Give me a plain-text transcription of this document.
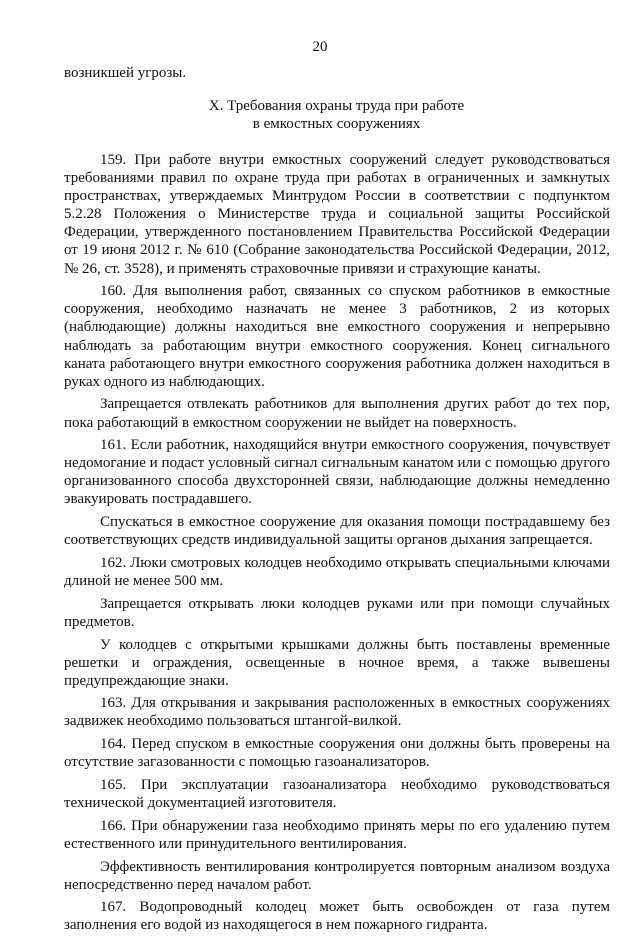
20
возникшей угрозы.
X. Требования охраны труда при работе
в емкостных сооружениях

159. При работе внутри емкостных сооружений следует руководствоваться требованиями правил по охране труда при работах в ограниченных и замкнутых пространствах, утверждаемых Минтрудом России в соответствии с подпунктом 5.2.28 Положения о Министерстве труда и социальной защиты Российской Федерации, утвержденного постановлением Правительства Российской Федерации от 19 июня 2012 г. № 610 (Собрание законодательства Российской Федерации, 2012, № 26, ст. 3528), и применять страховочные привязи и страхующие канаты.

160. Для выполнения работ, связанных со спуском работников в емкостные сооружения, необходимо назначать не менее 3 работников, 2 из которых (наблюдающие) должны находиться вне емкостного сооружения и непрерывно наблюдать за работающим внутри емкостного сооружения. Конец сигнального каната работающего внутри емкостного сооружения работника должен находиться в руках одного из наблюдающих.

Запрещается отвлекать работников для выполнения других работ до тех пор, пока работающий в емкостном сооружении не выйдет на поверхность.

161. Если работник, находящийся внутри емкостного сооружения, почувствует недомогание и подаст условный сигнал сигнальным канатом или с помощью другого организованного способа двухсторонней связи, наблюдающие должны немедленно эвакуировать пострадавшего.

Спускаться в емкостное сооружение для оказания помощи пострадавшему без соответствующих средств индивидуальной защиты органов дыхания запрещается.

162. Люки смотровых колодцев необходимо открывать специальными ключами длиной не менее 500 мм.

Запрещается открывать люки колодцев руками или при помощи случайных предметов.

У колодцев с открытыми крышками должны быть поставлены временные решетки и ограждения, освещенные в ночное время, а также вывешены предупреждающие знаки.

163. Для открывания и закрывания расположенных в емкостных сооружениях задвижек необходимо пользоваться штангой-вилкой.

164. Перед спуском в емкостные сооружения они должны быть проверены на отсутствие загазованности с помощью газоанализаторов.

165. При эксплуатации газоанализатора необходимо руководствоваться технической документацией изготовителя.

166. При обнаружении газа необходимо принять меры по его удалению путем естественного или принудительного вентилирования.

Эффективность вентилирования контролируется повторным анализом воздуха непосредственно перед началом работ.

167. Водопроводный колодец может быть освобожден от газа путем заполнения его водой из находящегося в нем пожарного гидранта.
